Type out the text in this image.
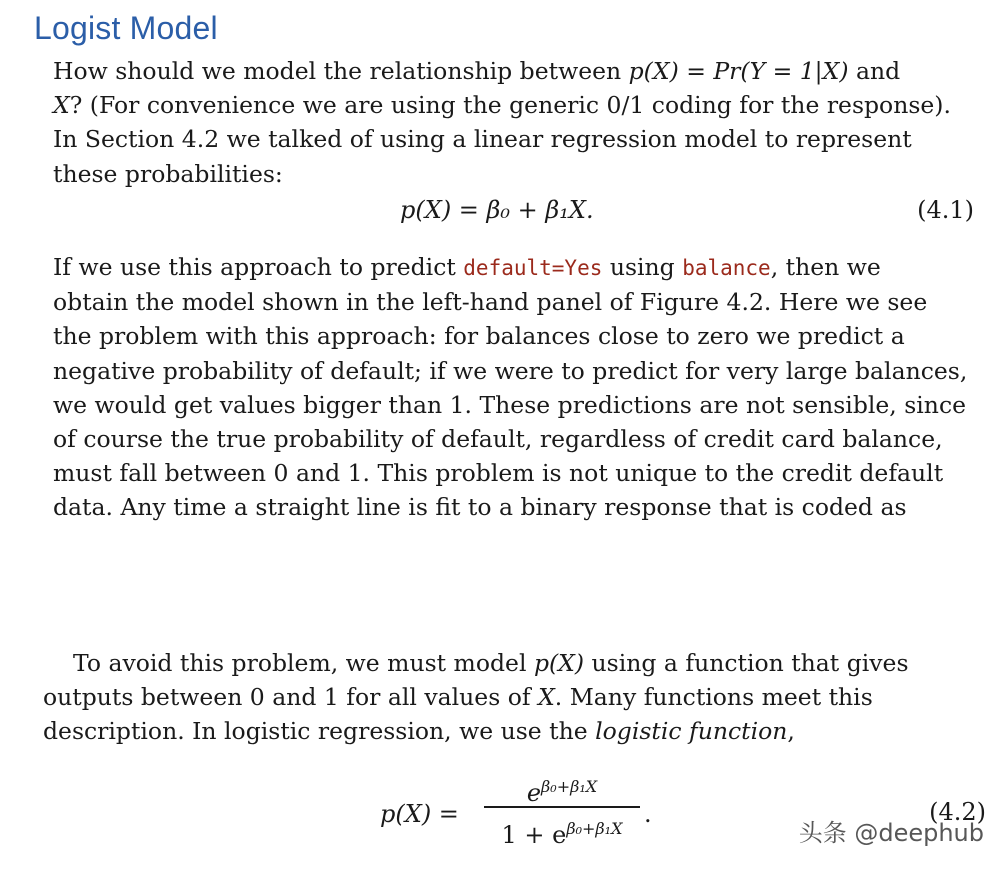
Logist Model
How should we model the relationship between p(X) = Pr(Y = 1|X) and
X? (For convenience we are using the generic 0/1 coding for the response).
In Section 4.2 we talked of using a linear regression model to represent
these probabilities:
p(X) = β₀ + β₁X.	(4.1)
If we use this approach to predict default=Yes using balance, then we
obtain the model shown in the left-hand panel of Figure 4.2. Here we see
the problem with this approach: for balances close to zero we predict a
negative probability of default; if we were to predict for very large balances,
we would get values bigger than 1. These predictions are not sensible, since
of course the true probability of default, regardless of credit card balance,
must fall between 0 and 1. This problem is not unique to the credit default
data. Any time a straight line is fit to a binary response that is coded as
To avoid this problem, we must model p(X) using a function that gives
outputs between 0 and 1 for all values of X. Many functions meet this
description. In logistic regression, we use the logistic function,
p(X) =
$e^{\beta_0+\beta_1X}$
$1 + e^{\beta_0+\beta_1X}$
.	(4.2)
头条 @deephub
